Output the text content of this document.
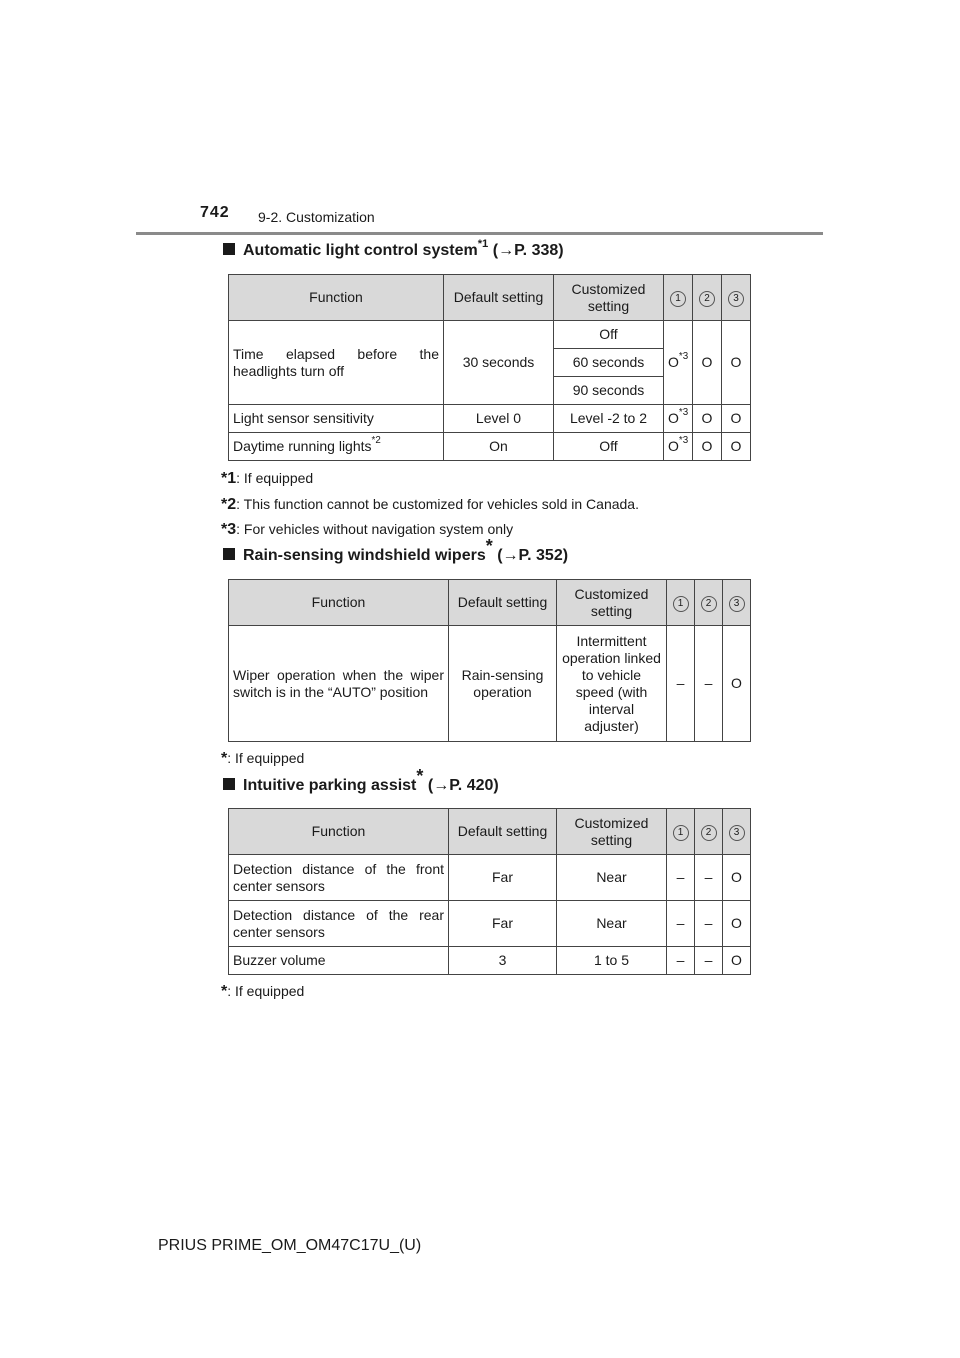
742 9-2. Customization
Automatic light control system$^{*1}$ (→P. 338)
Function	Default setting	Customized setting	1	2	3
Time elapsed before the headlights turn off	30 seconds	Off	$O^{*3}$	O	O
		60 seconds			
		90 seconds			
Light sensor sensitivity	Level 0	Level -2 to 2	$O^{*3}$	O	O
Daytime running lights$^{*2}$	On	Off	$O^{*3}$	O	O
*1: If equipped
*2: This function cannot be customized for vehicles sold in Canada.
*3: For vehicles without navigation system only
Rain-sensing windshield wipers* (→P. 352)
Function	Default setting	Customized setting	1	2	3
Wiper operation when the wiper switch is in the “AUTO” position	Rain-sensing operation	Intermittent operation linked to vehicle speed (with interval adjuster)	–	–	O
*: If equipped
Intuitive parking assist* (→P. 420)
Function	Default setting	Customized setting	1	2	3
Detection distance of the front center sensors	Far	Near	–	–	O
Detection distance of the rear center sensors	Far	Near	–	–	O
Buzzer volume	3	1 to 5	–	–	O
*: If equipped
PRIUS PRIME_OM_OM47C17U_(U)
